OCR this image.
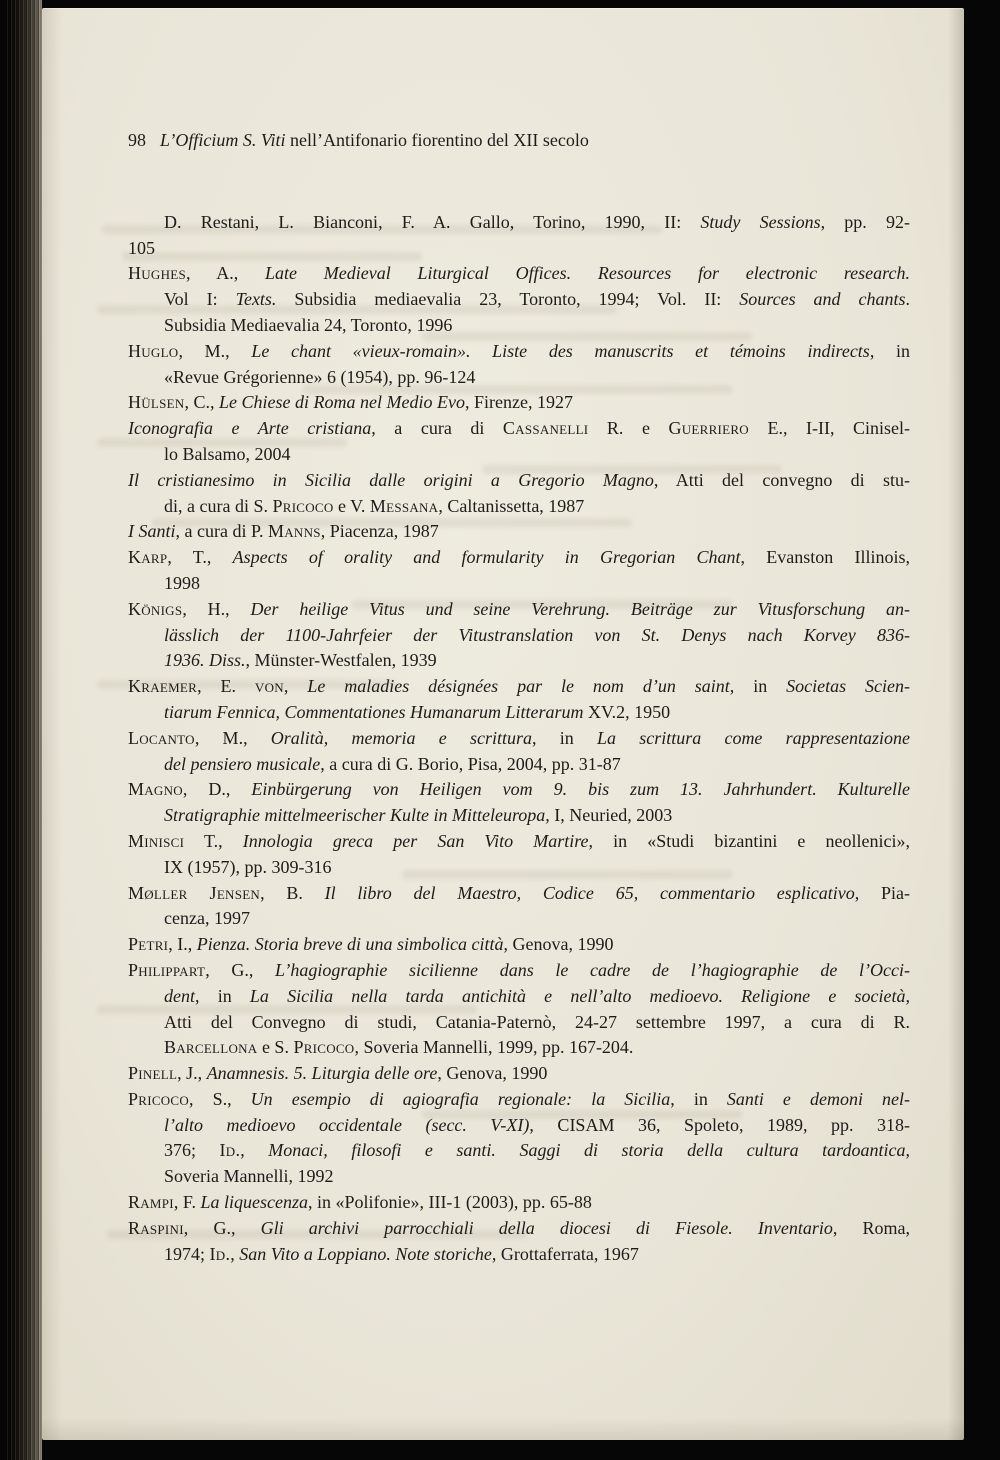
98 L’Officium S. Viti nell’Antifonario fiorentino del XII secolo
D. Restani, L. Bianconi, F. A. Gallo, Torino, 1990, II: Study Sessions, pp. 92-
105
Hughes, A., Late Medieval Liturgical Offices. Resources for electronic research.
Vol I: Texts. Subsidia mediaevalia 23, Toronto, 1994; Vol. II: Sources and chants.
Subsidia Mediaevalia 24, Toronto, 1996
Huglo, M., Le chant «vieux-romain». Liste des manuscrits et témoins indirects, in
«Revue Grégorienne» 6 (1954), pp. 96-124
Hülsen, C., Le Chiese di Roma nel Medio Evo, Firenze, 1927
Iconografia e Arte cristiana, a cura di Cassanelli R. e Guerriero E., I-II, Cinisel-
lo Balsamo, 2004
Il cristianesimo in Sicilia dalle origini a Gregorio Magno, Atti del convegno di stu-
di, a cura di S. Pricoco e V. Messana, Caltanissetta, 1987
I Santi, a cura di P. Manns, Piacenza, 1987
Karp, T., Aspects of orality and formularity in Gregorian Chant, Evanston Illinois,
1998
Königs, H., Der heilige Vitus und seine Verehrung. Beiträge zur Vitusforschung an-
lässlich der 1100-Jahrfeier der Vitustranslation von St. Denys nach Korvey 836-
1936. Diss., Münster-Westfalen, 1939
Kraemer, E. von, Le maladies désignées par le nom d’un saint, in Societas Scien-
tiarum Fennica, Commentationes Humanarum Litterarum XV.2, 1950
Locanto, M., Oralità, memoria e scrittura, in La scrittura come rappresentazione
del pensiero musicale, a cura di G. Borio, Pisa, 2004, pp. 31-87
Magno, D., Einbürgerung von Heiligen vom 9. bis zum 13. Jahrhundert. Kulturelle
Stratigraphie mittelmeerischer Kulte in Mitteleuropa, I, Neuried, 2003
Minisci T., Innologia greca per San Vito Martire, in «Studi bizantini e neollenici»,
IX (1957), pp. 309-316
Møller Jensen, B. Il libro del Maestro, Codice 65, commentario esplicativo, Pia-
cenza, 1997
Petri, I., Pienza. Storia breve di una simbolica città, Genova, 1990
Philippart, G., L’hagiographie sicilienne dans le cadre de l’hagiographie de l’Occi-
dent, in La Sicilia nella tarda antichità e nell’alto medioevo. Religione e società,
Atti del Convegno di studi, Catania-Paternò, 24-27 settembre 1997, a cura di R.
Barcellona e S. Pricoco, Soveria Mannelli, 1999, pp. 167-204.
Pinell, J., Anamnesis. 5. Liturgia delle ore, Genova, 1990
Pricoco, S., Un esempio di agiografia regionale: la Sicilia, in Santi e demoni nel-
l’alto medioevo occidentale (secc. V-XI), CISAM 36, Spoleto, 1989, pp. 318-
376; Id., Monaci, filosofi e santi. Saggi di storia della cultura tardoantica,
Soveria Mannelli, 1992
Rampi, F. La liquescenza, in «Polifonie», III-1 (2003), pp. 65-88
Raspini, G., Gli archivi parrocchiali della diocesi di Fiesole. Inventario, Roma,
1974; Id., San Vito a Loppiano. Note storiche, Grottaferrata, 1967
